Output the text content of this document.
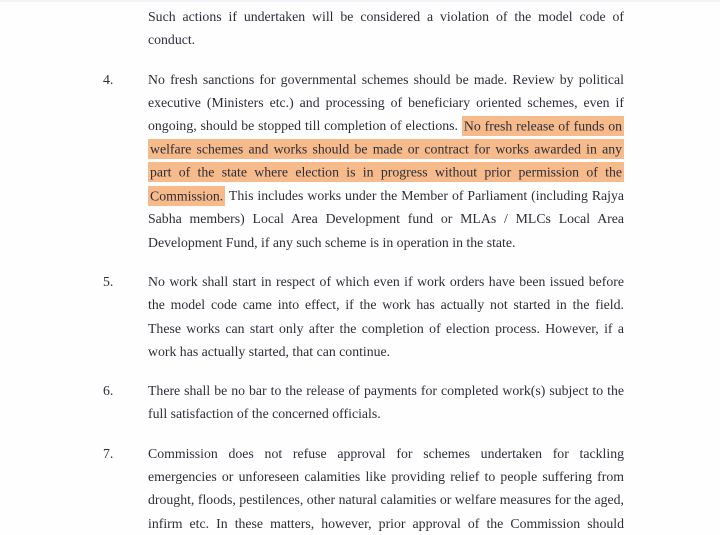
Such actions if undertaken will be considered a violation of the model code of conduct.

4.	No fresh sanctions for governmental schemes should be made. Review by political executive (Ministers etc.) and processing of beneficiary oriented schemes, even if ongoing, should be stopped till completion of elections. No fresh release of funds on welfare schemes and works should be made or contract for works awarded in any part of the state where election is in progress without prior permission of the Commission. This includes works under the Member of Parliament (including Rajya Sabha members) Local Area Development fund or MLAs / MLCs Local Area Development Fund, if any such scheme is in operation in the state.

5.	No work shall start in respect of which even if work orders have been issued before the model code came into effect, if the work has actually not started in the field. These works can start only after the completion of election process. However, if a work has actually started, that can continue.

6.	There shall be no bar to the release of payments for completed work(s) subject to the full satisfaction of the concerned officials.

7.	Commission does not refuse approval for schemes undertaken for tackling emergencies or unforeseen calamities like providing relief to people suffering from drought, floods, pestilences, other natural calamities or welfare measures for the aged, infirm etc. In these matters, however, prior approval of the Commission should
